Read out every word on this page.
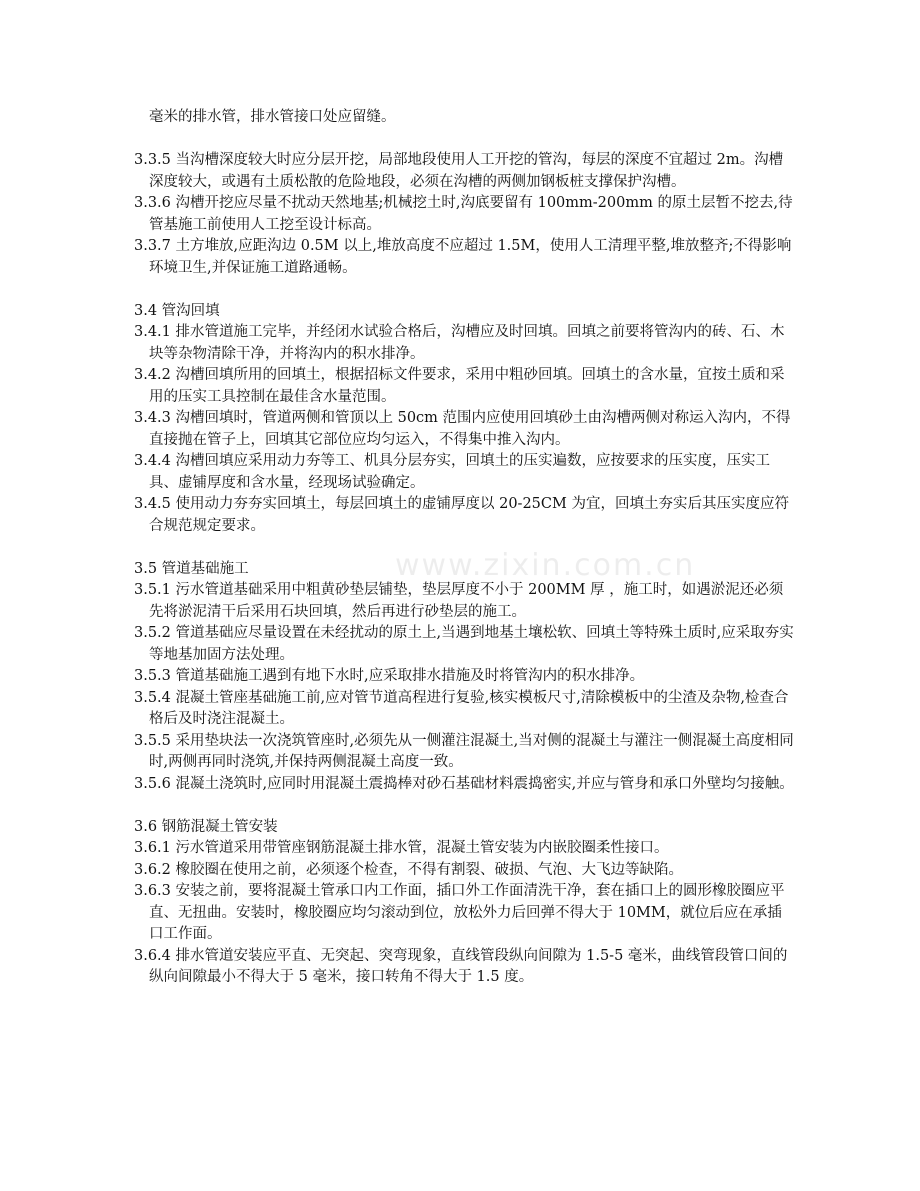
www.zixin.com.cn

毫米的排水管，排水管接口处应留缝。

3.3.5 当沟槽深度较大时应分层开挖，局部地段使用人工开挖的管沟，每层的深度不宜超过 2m。沟槽深度较大，或遇有土质松散的危险地段，必须在沟槽的两侧加钢板桩支撑保护沟槽。

3.3.6 沟槽开挖应尽量不扰动天然地基;机械挖土时,沟底要留有 100mm-200mm 的原土层暂不挖去,待管基施工前使用人工挖至设计标高。

3.3.7 土方堆放,应距沟边 0.5M 以上,堆放高度不应超过 1.5M，使用人工清理平整,堆放整齐;不得影响环境卫生,并保证施工道路通畅。

3.4 管沟回填

3.4.1 排水管道施工完毕，并经闭水试验合格后，沟槽应及时回填。回填之前要将管沟内的砖、石、木块等杂物清除干净，并将沟内的积水排净。

3.4.2 沟槽回填所用的回填土，根据招标文件要求，采用中粗砂回填。回填土的含水量，宜按土质和采用的压实工具控制在最佳含水量范围。

3.4.3 沟槽回填时，管道两侧和管顶以上 50cm 范围内应使用回填砂土由沟槽两侧对称运入沟内，不得直接抛在管子上，回填其它部位应均匀运入，不得集中推入沟内。

3.4.4 沟槽回填应采用动力夯等工、机具分层夯实，回填土的压实遍数，应按要求的压实度，压实工具、虚铺厚度和含水量，经现场试验确定。

3.4.5 使用动力夯夯实回填土，每层回填土的虚铺厚度以 20-25CM 为宜，回填土夯实后其压实度应符合规范规定要求。

3.5 管道基础施工

3.5.1 污水管道基础采用中粗黄砂垫层铺垫，垫层厚度不小于 200MM 厚 ，施工时，如遇淤泥还必须先将淤泥清干后采用石块回填，然后再进行砂垫层的施工。

3.5.2 管道基础应尽量设置在未经扰动的原土上,当遇到地基土壤松软、回填土等特殊土质时,应采取夯实等地基加固方法处理。

3.5.3 管道基础施工遇到有地下水时,应采取排水措施及时将管沟内的积水排净。

3.5.4 混凝土管座基础施工前,应对管节道高程进行复验,核实模板尺寸,清除模板中的尘渣及杂物,检查合格后及时浇注混凝土。

3.5.5 采用垫块法一次浇筑管座时,必须先从一侧灌注混凝土,当对侧的混凝土与灌注一侧混凝土高度相同时,两侧再同时浇筑,并保持两侧混凝土高度一致。

3.5.6 混凝土浇筑时,应同时用混凝土震捣棒对砂石基础材料震捣密实,并应与管身和承口外壁均匀接触。

3.6 钢筋混凝土管安装

3.6.1 污水管道采用带管座钢筋混凝土排水管，混凝土管安装为内嵌胶圈柔性接口。

3.6.2 橡胶圈在使用之前，必须逐个检查，不得有割裂、破损、气泡、大飞边等缺陷。

3.6.3 安装之前，要将混凝土管承口内工作面，插口外工作面清洗干净，套在插口上的圆形橡胶圈应平直、无扭曲。安装时，橡胶圈应均匀滚动到位，放松外力后回弹不得大于 10MM，就位后应在承插口工作面。

3.6.4 排水管道安装应平直、无突起、突弯现象，直线管段纵向间隙为 1.5-5 毫米，曲线管段管口间的纵向间隙最小不得大于 5 毫米，接口转角不得大于 1.5 度。
